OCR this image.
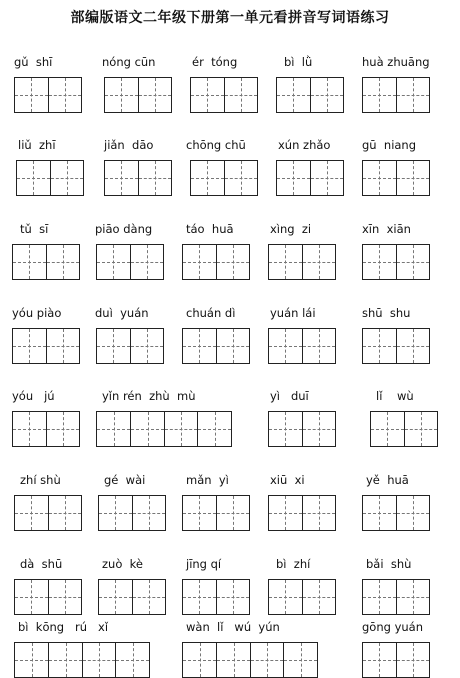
部编版语文二年级下册第一单元看拼音写词语练习
gǔ  shī	nóng cūn	ér  tóng	bì  lǜ	huà zhuāng
liǔ  zhī	jiǎn  dāo	chōng chū	xún zhǎo	gū  niang
tǔ  sī	piāo dàng	táo  huā	xìng  zi	xīn  xiān
yóu piào	duì  yuán	chuán dì	yuán lái	shū  shu
yóu   jú	yǐn rén  zhù  mù	yì   duī	lǐ    wù
zhí shù	gé  wài	mǎn  yì	xiū  xi	yě  huā
dà  shū	zuò  kè	jīng qí	bì  zhí	bǎi  shù
bì  kōng   rú   xǐ	wàn  lǐ   wú  yún	gōng yuán
